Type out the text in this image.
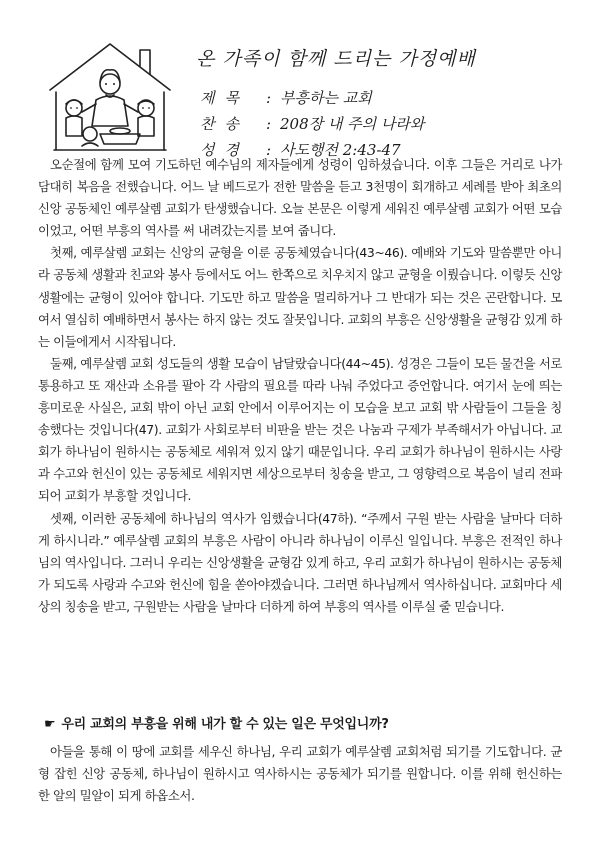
온 가족이 함께 드리는 가정예배
제목 : 부흥하는 교회
찬송 : 208장 내 주의 나라와
성경 : 사도행전 2:43-47

오순절에 함께 모여 기도하던 예수님의 제자들에게 성령이 임하셨습니다. 이후 그들은 거리로 나가 담대히 복음을 전했습니다. 어느 날 베드로가 전한 말씀을 듣고 3천명이 회개하고 세례를 받아 최초의 신앙 공동체인 예루살렘 교회가 탄생했습니다. 오늘 본문은 이렇게 세워진 예루살렘 교회가 어떤 모습이었고, 어떤 부흥의 역사를 써 내려갔는지를 보여 줍니다.

첫째, 예루살렘 교회는 신앙의 균형을 이룬 공동체였습니다(43~46). 예배와 기도와 말씀뿐만 아니라 공동체 생활과 친교와 봉사 등에서도 어느 한쪽으로 치우치지 않고 균형을 이뤘습니다. 이렇듯 신앙생활에는 균형이 있어야 합니다. 기도만 하고 말씀을 멀리하거나 그 반대가 되는 것은 곤란합니다. 모여서 열심히 예배하면서 봉사는 하지 않는 것도 잘못입니다. 교회의 부흥은 신앙생활을 균형감 있게 하는 이들에게서 시작됩니다.

둘째, 예루살렘 교회 성도들의 생활 모습이 남달랐습니다(44~45). 성경은 그들이 모든 물건을 서로 통용하고 또 재산과 소유를 팔아 각 사람의 필요를 따라 나눠 주었다고 증언합니다. 여기서 눈에 띄는 흥미로운 사실은, 교회 밖이 아닌 교회 안에서 이루어지는 이 모습을 보고 교회 밖 사람들이 그들을 칭송했다는 것입니다(47). 교회가 사회로부터 비판을 받는 것은 나눔과 구제가 부족해서가 아닙니다. 교회가 하나님이 원하시는 공동체로 세워져 있지 않기 때문입니다. 우리 교회가 하나님이 원하시는 사랑과 수고와 헌신이 있는 공동체로 세워지면 세상으로부터 칭송을 받고, 그 영향력으로 복음이 널리 전파되어 교회가 부흥할 것입니다.

셋째, 이러한 공동체에 하나님의 역사가 임했습니다(47하). “주께서 구원 받는 사람을 날마다 더하게 하시니라.” 예루살렘 교회의 부흥은 사람이 아니라 하나님이 이루신 일입니다. 부흥은 전적인 하나님의 역사입니다. 그러니 우리는 신앙생활을 균형감 있게 하고, 우리 교회가 하나님이 원하시는 공동체가 되도록 사랑과 수고와 헌신에 힘을 쏟아야겠습니다. 그러면 하나님께서 역사하십니다. 교회마다 세상의 칭송을 받고, 구원받는 사람을 날마다 더하게 하여 부흥의 역사를 이루실 줄 믿습니다.

☛ 우리 교회의 부흥을 위해 내가 할 수 있는 일은 무엇입니까?

아들을 통해 이 땅에 교회를 세우신 하나님, 우리 교회가 예루살렘 교회처럼 되기를 기도합니다. 균형 잡힌 신앙 공동체, 하나님이 원하시고 역사하시는 공동체가 되기를 원합니다. 이를 위해 헌신하는 한 알의 밀알이 되게 하옵소서.
